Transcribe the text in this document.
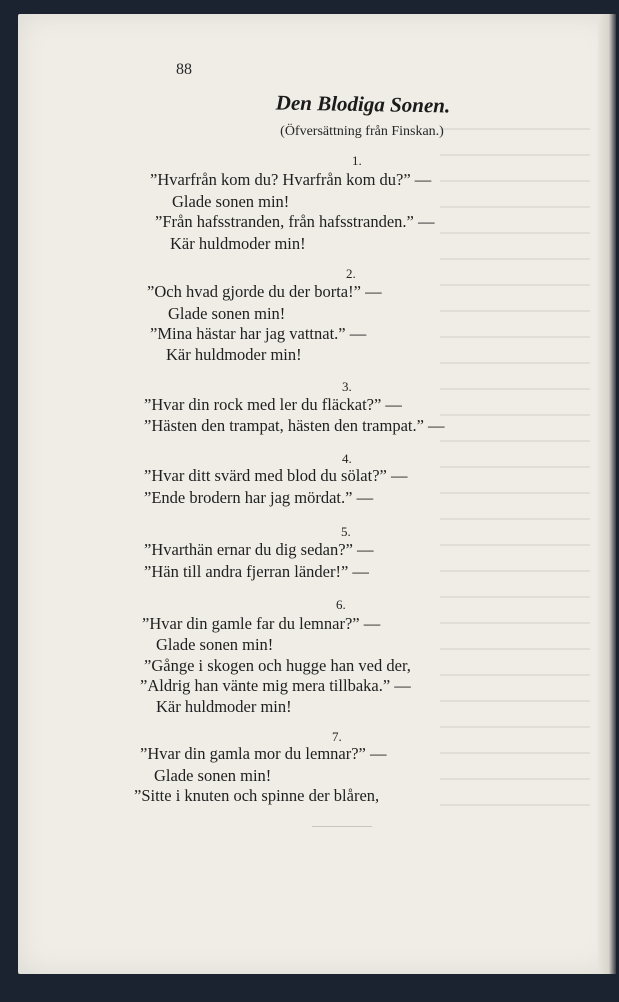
88
Den Blodiga Sonen.
(Öfversättning från Finskan.)
1.
”Hvarfrån kom du? Hvarfrån kom du?” —
Glade sonen min!
”Från hafsstranden, från hafsstranden.” —
Kär huldmoder min!
2.
”Och hvad gjorde du der borta!” —
Glade sonen min!
”Mina hästar har jag vattnat.” —
Kär huldmoder min!
3.
”Hvar din rock med ler du fläckat?” —
”Hästen den trampat, hästen den trampat.” —
4.
”Hvar ditt svärd med blod du sölat?” —
”Ende brodern har jag mördat.” —
5.
”Hvarthän ernar du dig sedan?” —
”Hän till andra fjerran länder!” —
6.
”Hvar din gamle far du lemnar?” —
Glade sonen min!
”Gånge i skogen och hugge han ved der,
”Aldrig han vänte mig mera tillbaka.” —
Kär huldmoder min!
7.
”Hvar din gamla mor du lemnar?” —
Glade sonen min!
”Sitte i knuten och spinne der blåren,
